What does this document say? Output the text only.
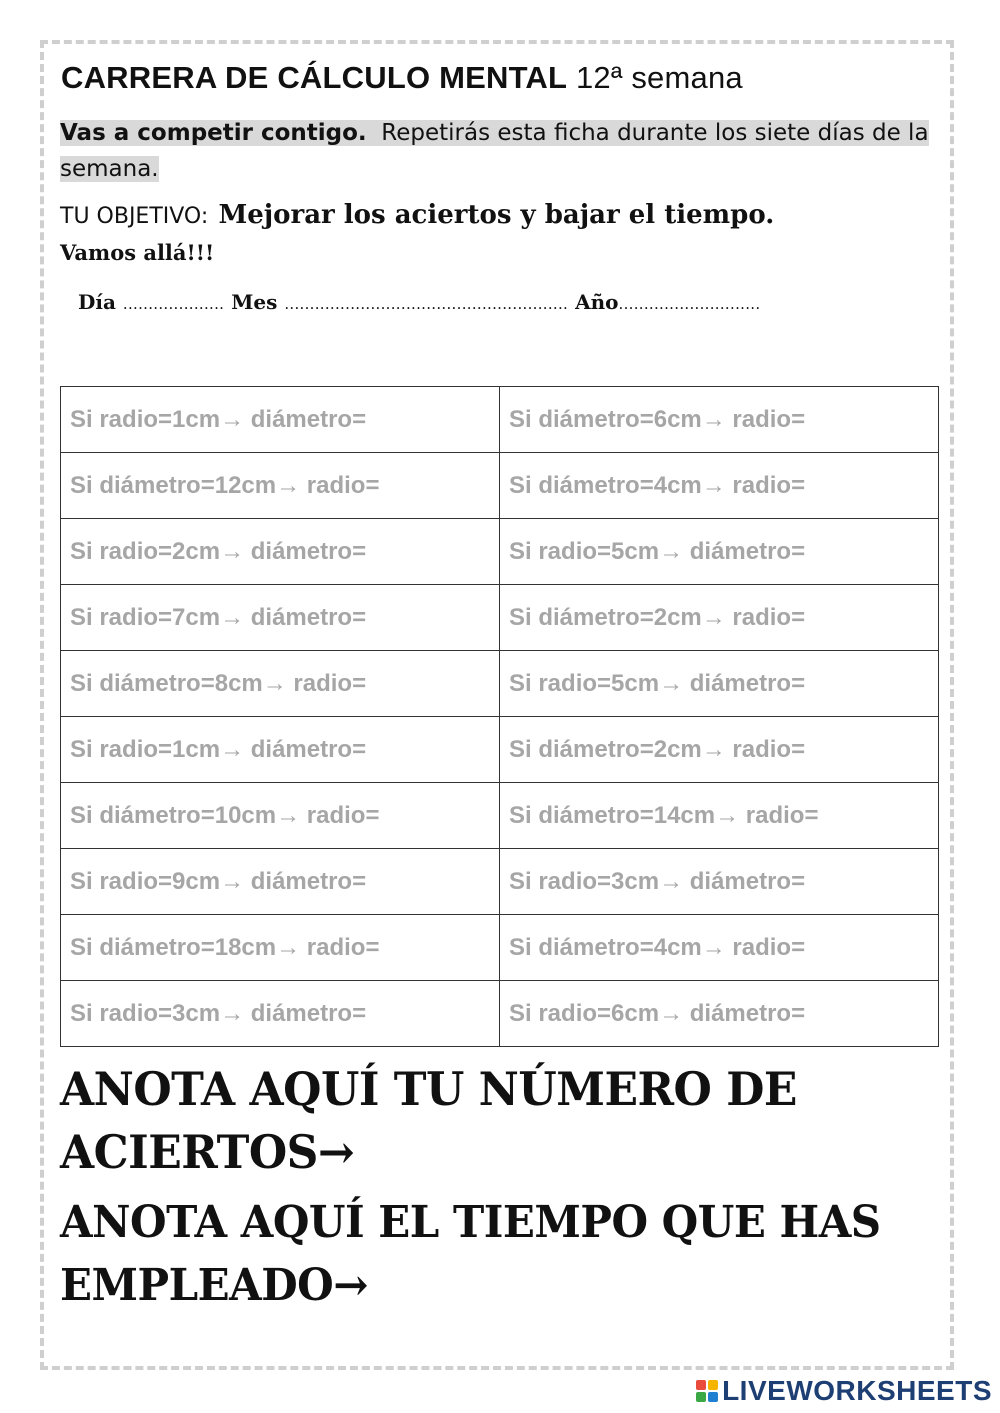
CARRERA DE CÁLCULO MENTAL 12ª semana
Vas a competir contigo. Repetirás esta ficha durante los siete días de la semana.
TU OBJETIVO: Mejorar los aciertos y bajar el tiempo.
Vamos allá!!!
Día .................... Mes ........................................................ Año............................
Si radio=1cm→ diámetro=	Si diámetro=6cm→ radio=
Si diámetro=12cm→ radio=	Si diámetro=4cm→ radio=
Si radio=2cm→ diámetro=	Si radio=5cm→ diámetro=
Si radio=7cm→ diámetro=	Si diámetro=2cm→ radio=
Si diámetro=8cm→ radio=	Si radio=5cm→ diámetro=
Si radio=1cm→ diámetro=	Si diámetro=2cm→ radio=
Si diámetro=10cm→ radio=	Si diámetro=14cm→ radio=
Si radio=9cm→ diámetro=	Si radio=3cm→ diámetro=
Si diámetro=18cm→ radio=	Si diámetro=4cm→ radio=
Si radio=3cm→ diámetro=	Si radio=6cm→ diámetro=
ANOTA AQUÍ TU NÚMERO DE ACIERTOS→
ANOTA AQUÍ EL TIEMPO QUE HAS EMPLEADO→
LIVEWORKSHEETS
